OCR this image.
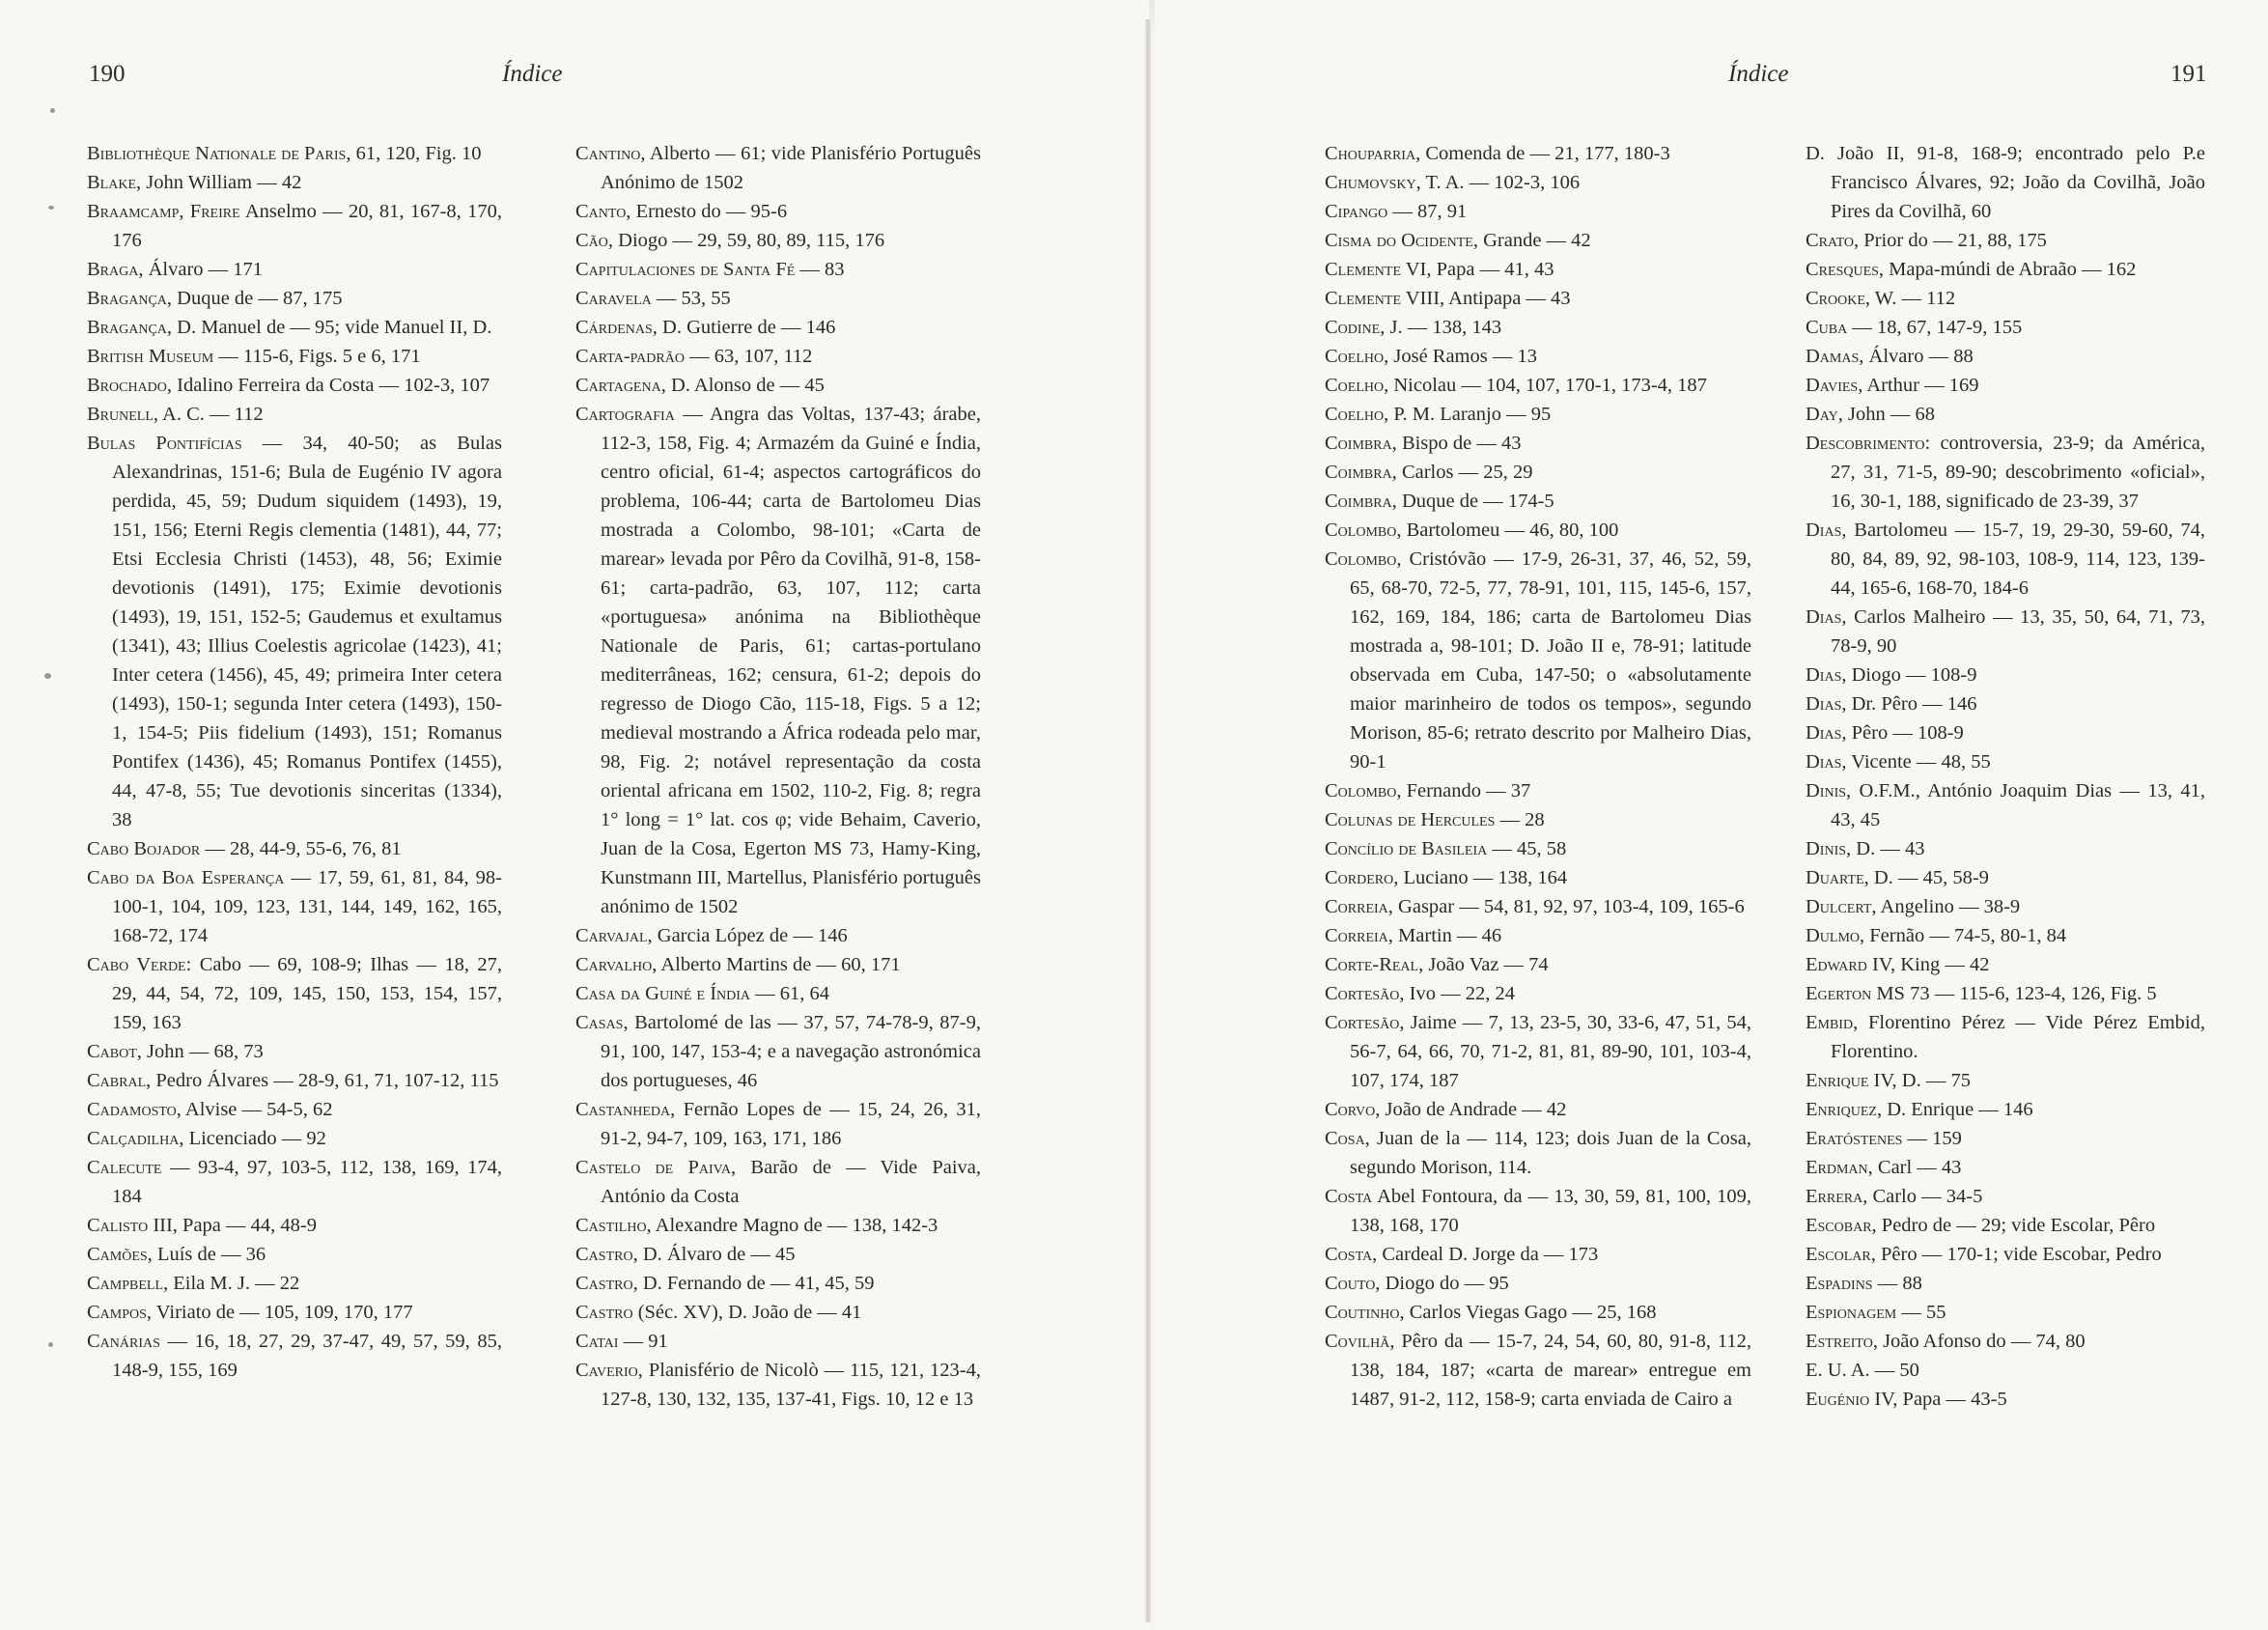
190	Índice

Bibliothèque Nationale de Paris, 61, 120, Fig. 10

Blake, John William — 42

Braamcamp, Freire Anselmo — 20, 81, 167-8, 170, 176

Braga, Álvaro — 171

Bragança, Duque de — 87, 175

Bragança, D. Manuel de — 95; vide Manuel II, D.

British Museum — 115-6, Figs. 5 e 6, 171

Brochado, Idalino Ferreira da Costa — 102-3, 107

Brunell, A. C. — 112

Bulas Pontifícias — 34, 40-50; as Bulas Alexandrinas, 151-6; Bula de Eugénio IV agora perdida, 45, 59; Dudum siquidem (1493), 19, 151, 156; Eterni Regis clementia (1481), 44, 77; Etsi Ecclesia Christi (1453), 48, 56; Eximie devotionis (1491), 175; Eximie devotionis (1493), 19, 151, 152-5; Gaudemus et exultamus (1341), 43; Illius Coelestis agricolae (1423), 41; Inter cetera (1456), 45, 49; primeira Inter cetera (1493), 150-1; segunda Inter cetera (1493), 150-1, 154-5; Piis fidelium (1493), 151; Romanus Pontifex (1436), 45; Romanus Pontifex (1455), 44, 47-8, 55; Tue devotionis sinceritas (1334), 38

Cabo Bojador — 28, 44-9, 55-6, 76, 81

Cabo da Boa Esperança — 17, 59, 61, 81, 84, 98-100-1, 104, 109, 123, 131, 144, 149, 162, 165, 168-72, 174

Cabo Verde: Cabo — 69, 108-9; Ilhas — 18, 27, 29, 44, 54, 72, 109, 145, 150, 153, 154, 157, 159, 163

Cabot, John — 68, 73

Cabral, Pedro Álvares — 28-9, 61, 71, 107-12, 115

Cadamosto, Alvise — 54-5, 62

Calçadilha, Licenciado — 92

Calecute — 93-4, 97, 103-5, 112, 138, 169, 174, 184

Calisto III, Papa — 44, 48-9

Camões, Luís de — 36

Campbell, Eila M. J. — 22

Campos, Viriato de — 105, 109, 170, 177

Canárias — 16, 18, 27, 29, 37-47, 49, 57, 59, 85, 148-9, 155, 169

Cantino, Alberto — 61; vide Planisfério Português Anónimo de 1502

Canto, Ernesto do — 95-6

Cão, Diogo — 29, 59, 80, 89, 115, 176

Capitulaciones de Santa Fé — 83

Caravela — 53, 55

Cárdenas, D. Gutierre de — 146

Carta-padrão — 63, 107, 112

Cartagena, D. Alonso de — 45

Cartografia — Angra das Voltas, 137-43; árabe, 112-3, 158, Fig. 4; Armazém da Guiné e Índia, centro oficial, 61-4; aspectos cartográficos do problema, 106-44; carta de Bartolomeu Dias mostrada a Colombo, 98-101; «Carta de marear» levada por Pêro da Covilhã, 91-8, 158-61; carta-padrão, 63, 107, 112; carta «portuguesa» anónima na Bibliothèque Nationale de Paris, 61; cartas-portulano mediterrâneas, 162; censura, 61-2; depois do regresso de Diogo Cão, 115-18, Figs. 5 a 12; medieval mostrando a África rodeada pelo mar, 98, Fig. 2; notável representação da costa oriental africana em 1502, 110-2, Fig. 8; regra 1° long = 1° lat. cos φ; vide Behaim, Caverio, Juan de la Cosa, Egerton MS 73, Hamy-King, Kunstmann III, Martellus, Planisfério português anónimo de 1502

Carvajal, Garcia López de — 146

Carvalho, Alberto Martins de — 60, 171

Casa da Guiné e Índia — 61, 64

Casas, Bartolomé de las — 37, 57, 74-78-9, 87-9, 91, 100, 147, 153-4; e a navegação astronómica dos portugueses, 46

Castanheda, Fernão Lopes de — 15, 24, 26, 31, 91-2, 94-7, 109, 163, 171, 186

Castelo de Paiva, Barão de — Vide Paiva, António da Costa

Castilho, Alexandre Magno de — 138, 142-3

Castro, D. Álvaro de — 45

Castro, D. Fernando de — 41, 45, 59

Castro (Séc. XV), D. João de — 41

Catai — 91

Caverio, Planisfério de Nicolò — 115, 121, 123-4, 127-8, 130, 132, 135, 137-41, Figs. 10, 12 e 13

Índice	191

Chouparria, Comenda de — 21, 177, 180-3

Chumovsky, T. A. — 102-3, 106

Cipango — 87, 91

Cisma do Ocidente, Grande — 42

Clemente VI, Papa — 41, 43

Clemente VIII, Antipapa — 43

Codine, J. — 138, 143

Coelho, José Ramos — 13

Coelho, Nicolau — 104, 107, 170-1, 173-4, 187

Coelho, P. M. Laranjo — 95

Coimbra, Bispo de — 43

Coimbra, Carlos — 25, 29

Coimbra, Duque de — 174-5

Colombo, Bartolomeu — 46, 80, 100

Colombo, Cristóvão — 17-9, 26-31, 37, 46, 52, 59, 65, 68-70, 72-5, 77, 78-91, 101, 115, 145-6, 157, 162, 169, 184, 186; carta de Bartolomeu Dias mostrada a, 98-101; D. João II e, 78-91; latitude observada em Cuba, 147-50; o «absolutamente maior marinheiro de todos os tempos», segundo Morison, 85-6; retrato descrito por Malheiro Dias, 90-1

Colombo, Fernando — 37

Colunas de Hercules — 28

Concílio de Basileia — 45, 58

Cordero, Luciano — 138, 164

Correia, Gaspar — 54, 81, 92, 97, 103-4, 109, 165-6

Correia, Martin — 46

Corte-Real, João Vaz — 74

Cortesão, Ivo — 22, 24

Cortesão, Jaime — 7, 13, 23-5, 30, 33-6, 47, 51, 54, 56-7, 64, 66, 70, 71-2, 81, 81, 89-90, 101, 103-4, 107, 174, 187

Corvo, João de Andrade — 42

Cosa, Juan de la — 114, 123; dois Juan de la Cosa, segundo Morison, 114.

Costa Abel Fontoura, da — 13, 30, 59, 81, 100, 109, 138, 168, 170

Costa, Cardeal D. Jorge da — 173

Couto, Diogo do — 95

Coutinho, Carlos Viegas Gago — 25, 168

Covilhã, Pêro da — 15-7, 24, 54, 60, 80, 91-8, 112, 138, 184, 187; «carta de marear» entregue em 1487, 91-2, 112, 158-9; carta enviada de Cairo a

D. João II, 91-8, 168-9; encontrado pelo P.e Francisco Álvares, 92; João da Covilhã, João Pires da Covilhã, 60

Crato, Prior do — 21, 88, 175

Cresques, Mapa-múndi de Abraão — 162

Crooke, W. — 112

Cuba — 18, 67, 147-9, 155

Damas, Álvaro — 88

Davies, Arthur — 169

Day, John — 68

Descobrimento: controversia, 23-9; da América, 27, 31, 71-5, 89-90; descobrimento «oficial», 16, 30-1, 188, significado de 23-39, 37

Dias, Bartolomeu — 15-7, 19, 29-30, 59-60, 74, 80, 84, 89, 92, 98-103, 108-9, 114, 123, 139-44, 165-6, 168-70, 184-6

Dias, Carlos Malheiro — 13, 35, 50, 64, 71, 73, 78-9, 90

Dias, Diogo — 108-9

Dias, Dr. Pêro — 146

Dias, Pêro — 108-9

Dias, Vicente — 48, 55

Dinis, O.F.M., António Joaquim Dias — 13, 41, 43, 45

Dinis, D. — 43

Duarte, D. — 45, 58-9

Dulcert, Angelino — 38-9

Dulmo, Fernão — 74-5, 80-1, 84

Edward IV, King — 42

Egerton MS 73 — 115-6, 123-4, 126, Fig. 5

Embid, Florentino Pérez — Vide Pérez Embid, Florentino.

Enrique IV, D. — 75

Enriquez, D. Enrique — 146

Eratóstenes — 159

Erdman, Carl — 43

Errera, Carlo — 34-5

Escobar, Pedro de — 29; vide Escolar, Pêro

Escolar, Pêro — 170-1; vide Escobar, Pedro

Espadins — 88

Espionagem — 55

Estreito, João Afonso do — 74, 80

E. U. A. — 50

Eugénio IV, Papa — 43-5
